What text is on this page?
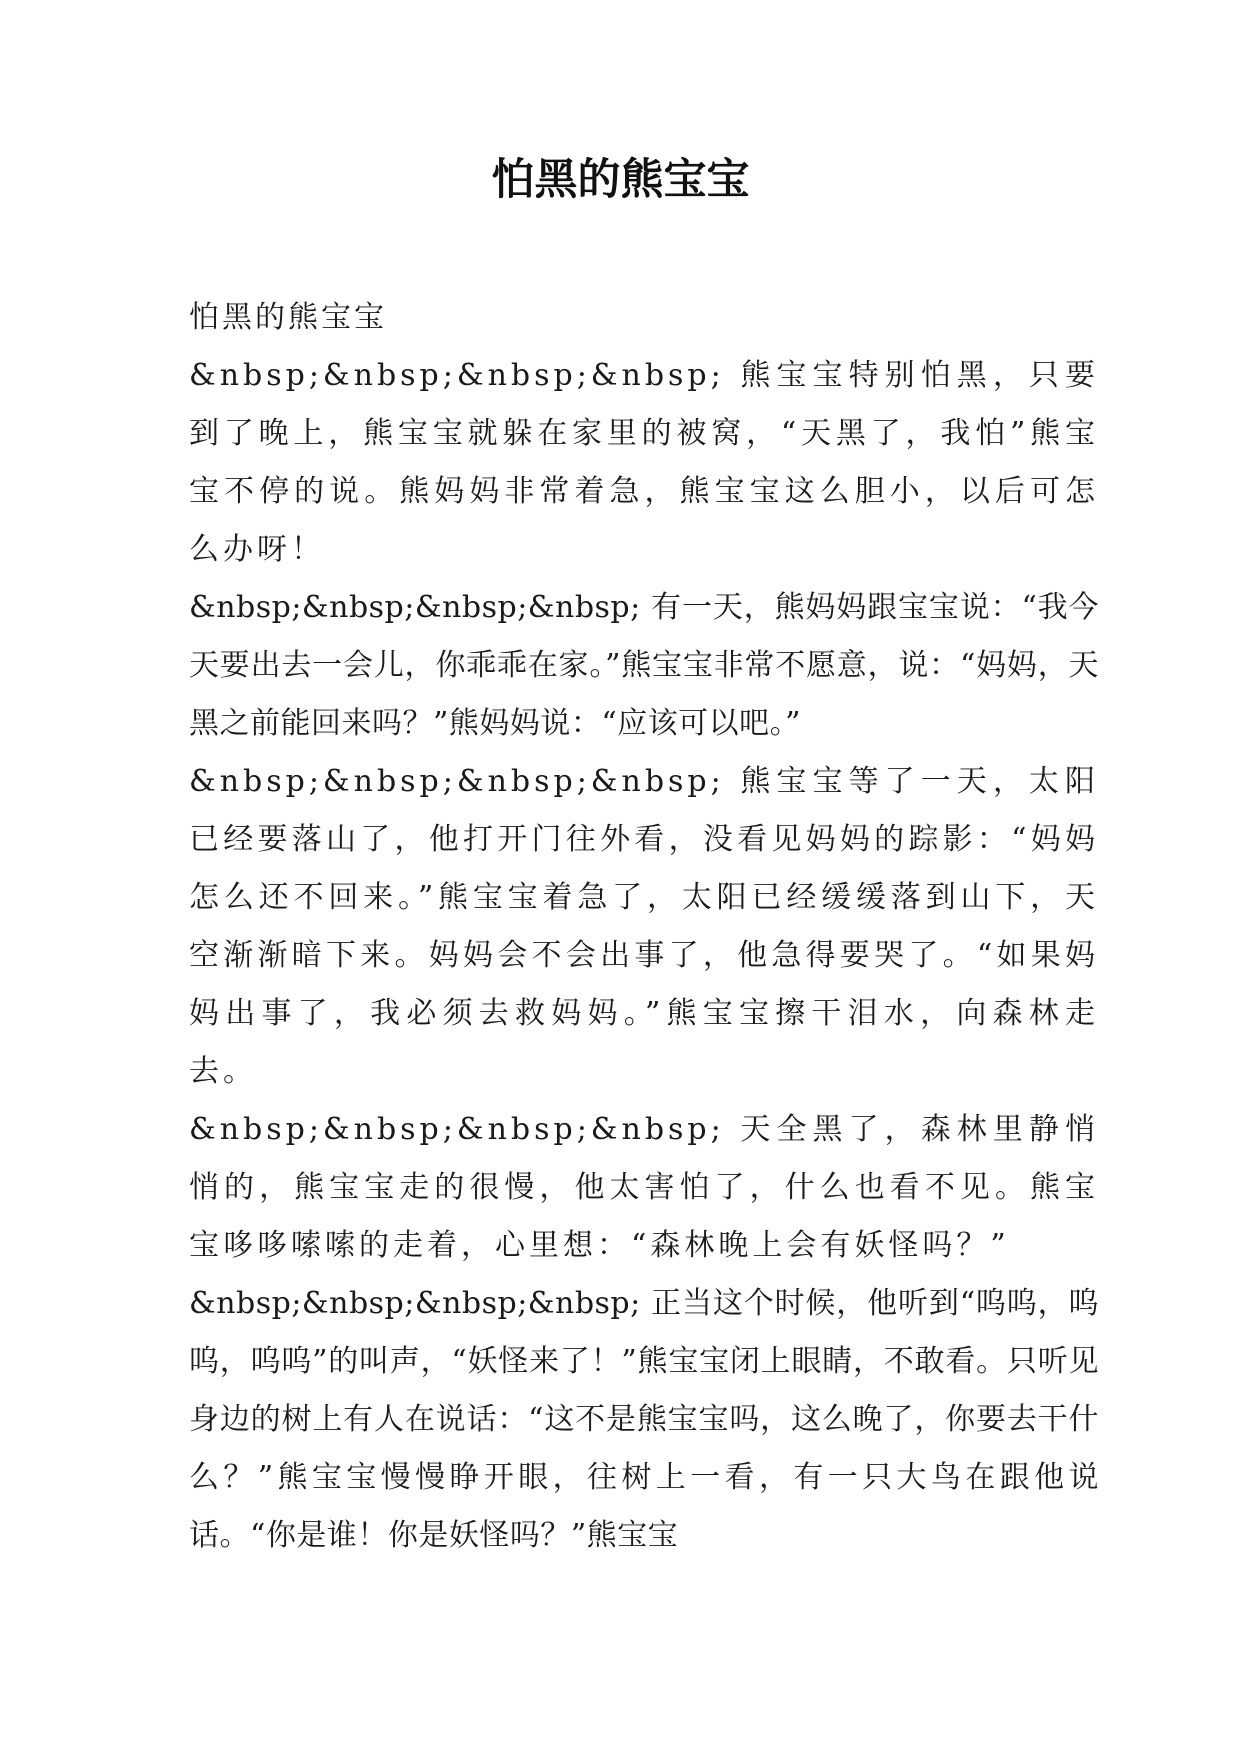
怕黑的熊宝宝

怕黑的熊宝宝

&nbsp;&nbsp;&nbsp;&nbsp; 熊宝宝特别怕黑，只要到了晚上，熊宝宝就躲在家里的被窝，“天黑了，我怕”熊宝宝不停的说。熊妈妈非常着急，熊宝宝这么胆小，以后可怎么办呀！

&nbsp;&nbsp;&nbsp;&nbsp; 有一天，熊妈妈跟宝宝说：“我今天要出去一会儿，你乖乖在家。”熊宝宝非常不愿意，说：“妈妈，天黑之前能回来吗？”熊妈妈说：“应该可以吧。”

&nbsp;&nbsp;&nbsp;&nbsp; 熊宝宝等了一天，太阳已经要落山了，他打开门往外看，没看见妈妈的踪影：“妈妈怎么还不回来。”熊宝宝着急了，太阳已经缓缓落到山下，天空渐渐暗下来。妈妈会不会出事了，他急得要哭了。“如果妈妈出事了，我必须去救妈妈。”熊宝宝擦干泪水，向森林走去。

&nbsp;&nbsp;&nbsp;&nbsp; 天全黑了，森林里静悄悄的，熊宝宝走的很慢，他太害怕了，什么也看不见。熊宝宝哆哆嗦嗦的走着，心里想：“森林晚上会有妖怪吗？”

&nbsp;&nbsp;&nbsp;&nbsp; 正当这个时候，他听到“呜呜，呜呜，呜呜”的叫声，“妖怪来了！”熊宝宝闭上眼睛，不敢看。只听见身边的树上有人在说话：“这不是熊宝宝吗，这么晚了，你要去干什么？”熊宝宝慢慢睁开眼，往树上一看，有一只大鸟在跟他说话。“你是谁！你是妖怪吗？”熊宝宝
